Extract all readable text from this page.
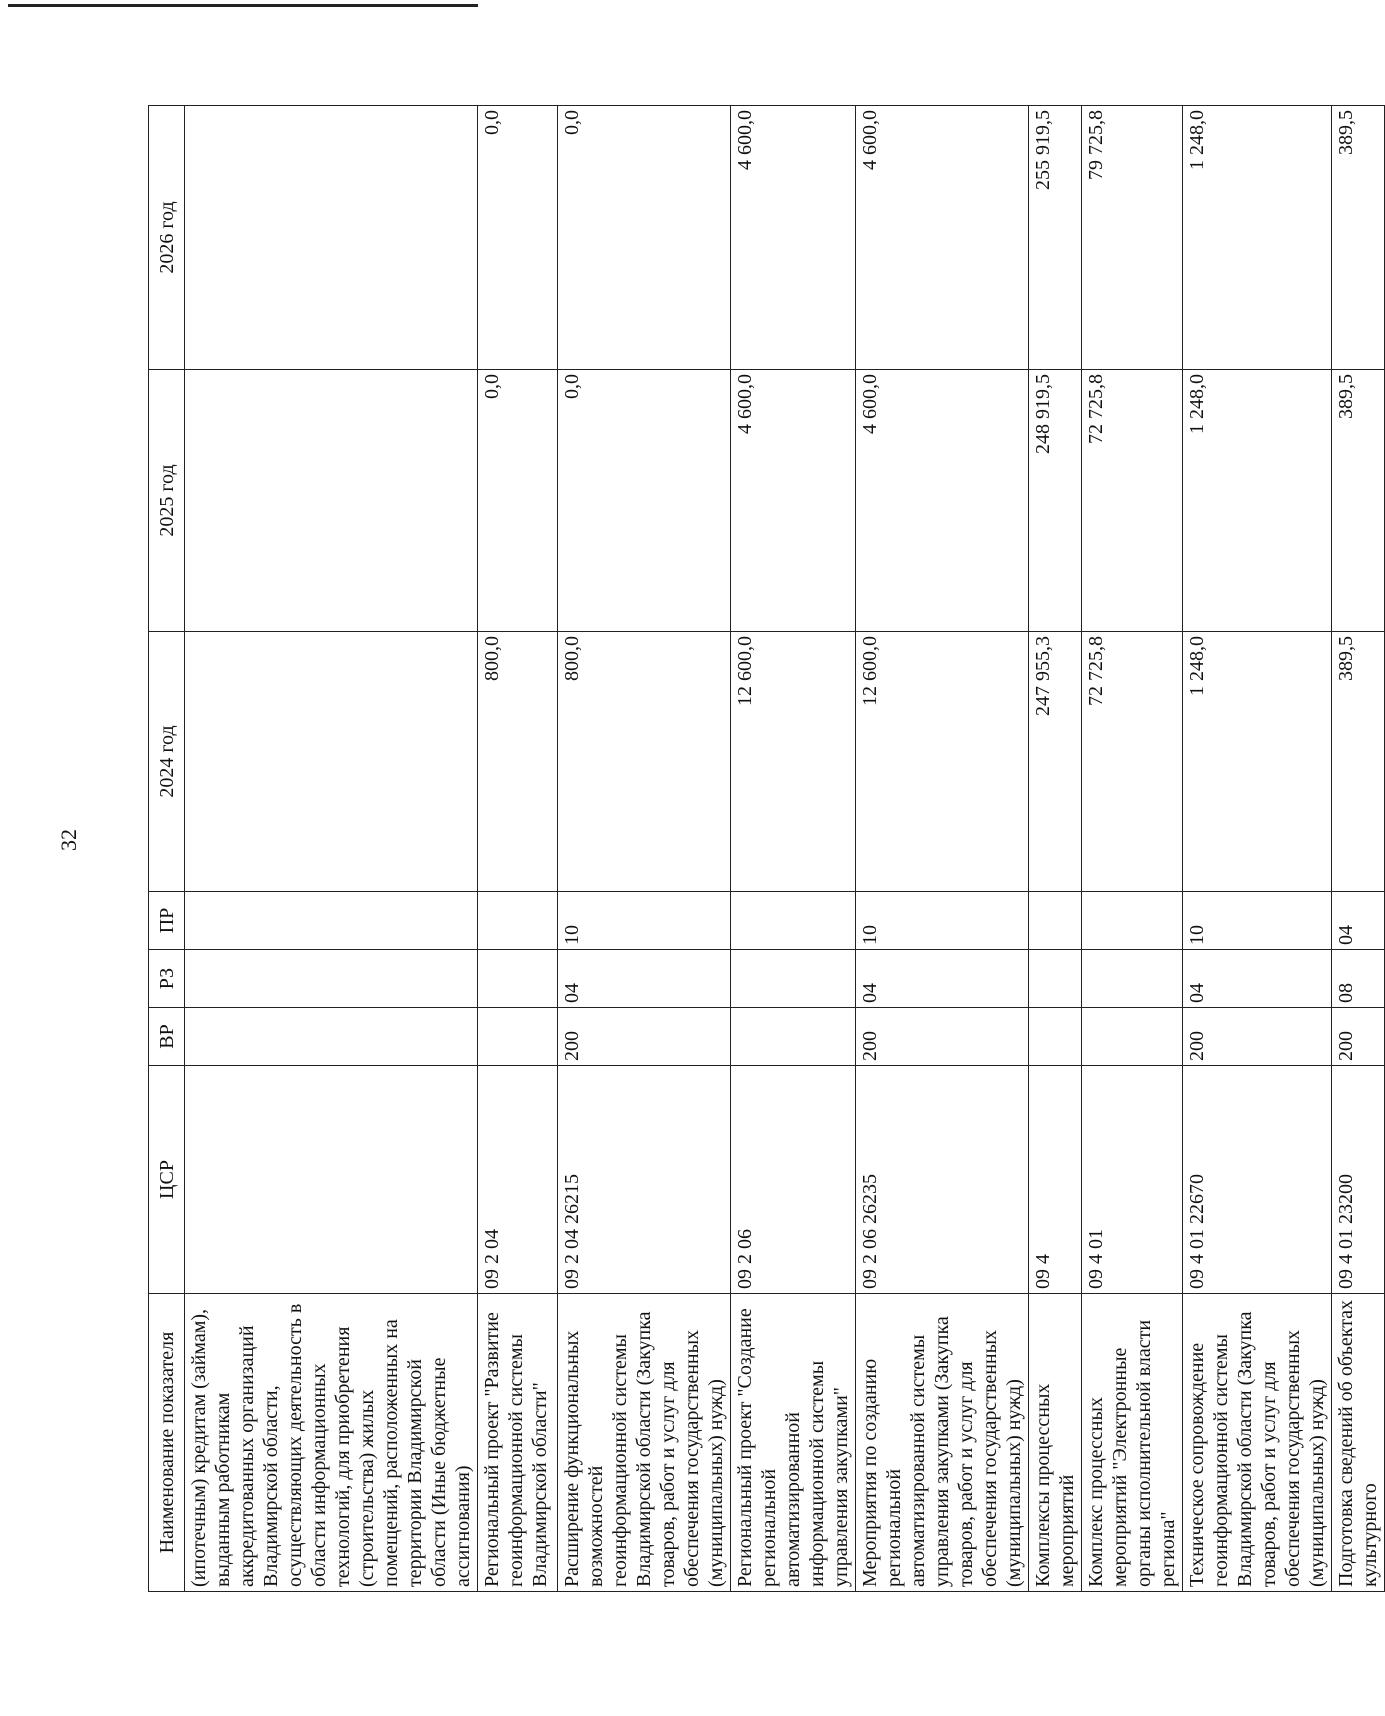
32
Наименование показателя	ЦСР	ВР	РЗ	ПР	2024 год	2025 год	2026 год
(ипотечным) кредитам (займам), выданным работникам аккредитованных организаций Владимирской области, осуществляющих деятельность в области информационных технологий, для приобретения (строительства) жилых помещений, расположенных на территории Владимирской области (Иные бюджетные ассигнования)							
Региональный проект "Развитие геоинформационной системы Владимирской области"	09 2 04				800,0	0,0	0,0
Расширение функциональных возможностей геоинформационной системы Владимирской области (Закупка товаров, работ и услуг для обеспечения государственных (муниципальных) нужд)	09 2 04 26215	200	04	10	800,0	0,0	0,0
Региональный проект "Создание региональной автоматизированной информационной системы управления закупками"	09 2 06				12 600,0	4 600,0	4 600,0
Мероприятия по созданию региональной автоматизированной системы управления закупками (Закупка товаров, работ и услуг для обеспечения государственных (муниципальных) нужд)	09 2 06 26235	200	04	10	12 600,0	4 600,0	4 600,0
Комплексы процессных мероприятий	09 4				247 955,3	248 919,5	255 919,5
Комплекс процессных мероприятий "Электронные органы исполнительной власти региона"	09 4 01				72 725,8	72 725,8	79 725,8
Техническое сопровождение геоинформационной системы Владимирской области (Закупка товаров, работ и услуг для обеспечения государственных (муниципальных) нужд)	09 4 01 22670	200	04	10	1 248,0	1 248,0	1 248,0
Подготовка сведений об объектах культурного	09 4 01 23200	200	08	04	389,5	389,5	389,5
